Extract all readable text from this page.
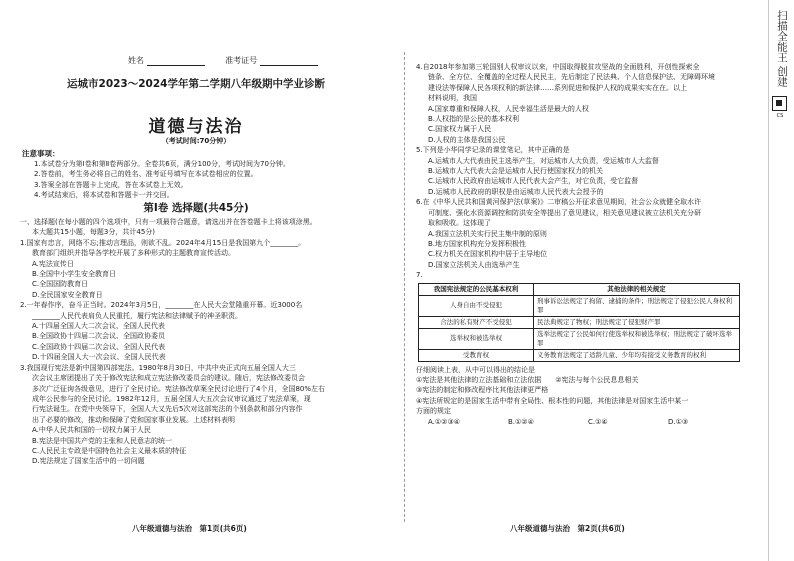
姓名	准考证号
运城市2023～2024学年第二学期八年级期中学业诊断
道德与法治
（考试时间:70分钟）
注意事项：
1.本试卷分为第Ⅰ卷和第Ⅱ卷两部分。全卷共6页，满分100分，考试时间为70分钟。
2.答卷前，考生务必将自己的姓名、准考证号填写在本试卷相应的位置。
3.答案全部在答题卡上完成，答在本试卷上无效。
4.考试结束后，将本试卷和答题卡一并交回。
第Ⅰ卷 选择题(共45分)
一、选择题(在每小题的四个选项中，只有一项最符合题意，请选出并在答卷题卡上将该项涂黑。
本大题共15小题，每题3分，共计45分)
1.国家有忠言，网络不忘;推动言理品，则欲不乱。2024年4月15日是我国第九个________。
教育部门组织并指导各学校开展了多种形式的主题教育宣传活动。
A.宪法宣传日
B.全国中小学生安全教育日
C.全国国防教育日
D.全民国家安全教育日
2.一年春作序，奋斗正当时。2024年3月5日，________在人民大会堂隆重开幕。近3000名
________人民代表肩负人民重托，履行宪法和法律赋予的神圣职责。
A.十四届全国人大二次会议、全国人民代表
B.全国政协十四届二次会议、全国政协委员
C.全国政协十四届二次会议、全国人民代表
D.十四届全国人大一次会议、全国人民代表
3.我国现行宪法是新中国第四部宪法。1980年8月30日，中共中央正式向五届全国人大三
次会议主席团提出了关于修改宪法和成立宪法修改委员会的建议。随后，宪法修改委员会
多次广泛征询各级意见，进行了全民讨论。宪法修改草案全民讨论进行了4个月，全国80%左右
成年公民参与的全民讨论。1982年12月，五届全国人大五次会议审议通过了宪法草案，现
行宪法诞生。在党中央领导下，全国人大又先后5次对这部宪法的个别条款和部分内容作
出了必要的修改，推动和保障了党和国家事业发展。上述材料表明
A.中华人民共和国的一切权力属于人民
B.宪法是中国共产党的主张和人民意志的统一
C.人民民主专政是中国特色社会主义最本质的特征
D.宪法规定了国家生活中的一切问题
八年级道德与法治　第1页(共6页)
4.自2018年参加第三轮国别人权审议以来，中国取得脱贫攻坚战的全面胜利，开创性探索全
链条、全方位、全覆盖的全过程人民民主，先后制定了民法典、个人信息保护法、无障碍环境
建设法等保障人民各项权利的新法律……系列促进和保护人权的成果实实在在。以上
材料说明，我国
A.国家尊重和保障人权，人民幸福生活是最大的人权
B.人权指的是公民的基本权利
C.国家权力属于人民
D.人权的主体是我国公民
5.下列是小华同学记录的课堂笔记，其中正确的是
A.运城市人大代表由民主选举产生，对运城市人大负责，受运城市人大监督
B.运城市人大代表大会是运城市人民行使国家权力的机关
C.运城市人民政府由运城市人民代表大会产生，对它负责，受它监督
D.运城市人民政府的职权是由运城市人民代表大会授予的
6.在《中华人民共和国黄河保护法(草案)》二审稿公开征求意见期间，社会公众就健全取水许
可制度、强化水资源调控和防洪安全等提出了意见建议，相关意见建议被立法机关充分研
取和吸收。这体现了
A.我国立法机关实行民主集中制的原则
B.地方国家机构充分发挥积极性
C.权力机关在国家机构中居于主导地位
D.国家立法机关人由选举产生
7.
我国宪法规定的公民基本权利	其他法律的相关规定
人身自由不受侵犯	刑事诉讼法规定了拘留、逮捕的条件；刑法规定了侵犯公民人身权利罪
合法的私有财产不受侵犯	民法典规定了物权；刑法规定了侵犯财产罪
选举权和被选举权	选举法规定了公民如何行使选举权和被选举权；刑法规定了破坏选举罪
受教育权	义务教育法规定了适龄儿童、少年均有接受义务教育的权利
仔细阅读上表，从中可以得出的结论是
①宪法是其他法律的立法基础和立法依据　　②宪法与每个公民息息相关
③宪法的制定和修改程序比其他法律更严格
④宪法所规定的是国家生活中带有全局性、根本性的问题，其他法律是对国家生活中某一
方面的规定
A.①②③④	B.①②④	C.①④	D.①③
八年级道德与法治　第2页(共6页)
扫描全能王 创建
CS
